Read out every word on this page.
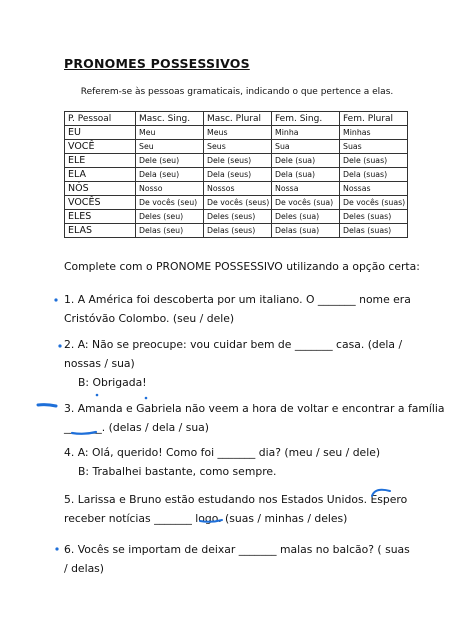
PRONOMES POSSESSIVOS
Referem-se às pessoas gramaticais, indicando o que pertence a elas.
P. Pessoal	Masc. Sing.	Masc. Plural	Fem. Sing.	Fem. Plural
EU	Meu	Meus	Minha	Minhas
VOCÊ	Seu	Seus	Sua	Suas
ELE	Dele (seu)	Dele (seus)	Dele (sua)	Dele (suas)
ELA	Dela (seu)	Dela (seus)	Dela (sua)	Dela (suas)
NÓS	Nosso	Nossos	Nossa	Nossas
VOCÊS	De vocês (seu)	De vocês (seus)	De vocês (sua)	De vocês (suas)
ELES	Deles (seu)	Deles (seus)	Deles (sua)	Deles (suas)
ELAS	Delas (seu)	Delas (seus)	Delas (sua)	Delas (suas)
Complete com o PRONOME POSSESSIVO utilizando a opção certa:
1. A América foi descoberta por um italiano. O _______ nome era
Cristóvão Colombo. (seu / dele)
2. A: Não se preocupe: vou cuidar bem de _______ casa. (dela /
nossas / sua)
B: Obrigada!
3. Amanda e Gabriela não veem a hora de voltar e encontrar a família
_______. (delas / dela / sua)
4. A: Olá, querido! Como foi _______ dia? (meu / seu / dele)
B: Trabalhei bastante, como sempre.
5. Larissa e Bruno estão estudando nos Estados Unidos. Espero
receber notícias _______ logo. (suas / minhas / deles)
6. Vocês se importam de deixar _______ malas no balcão? ( suas
/ delas)
